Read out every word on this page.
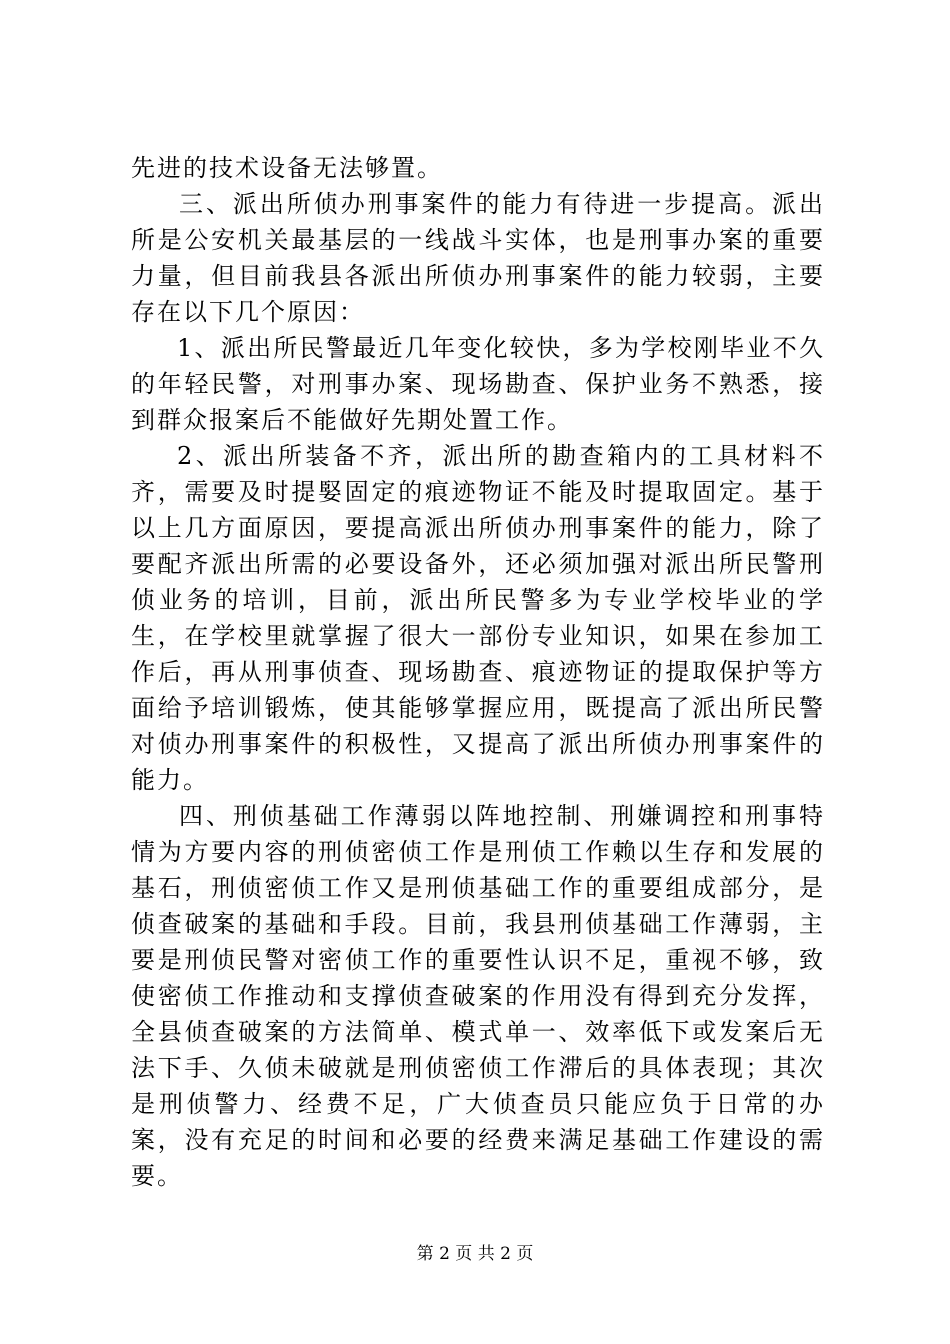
先进的技术设备无法够置。

三、派出所侦办刑事案件的能力有待进一步提高。派出所是公安机关最基层的一线战斗实体，也是刑事办案的重要力量，但目前我县各派出所侦办刑事案件的能力较弱，主要存在以下几个原因：

1、派出所民警最近几年变化较快，多为学校刚毕业不久的年轻民警，对刑事办案、现场勘查、保护业务不熟悉，接到群众报案后不能做好先期处置工作。

2、派出所装备不齐，派出所的勘查箱内的工具材料不齐，需要及时提婜固定的痕迹物证不能及时提取固定。基于以上几方面原因，要提高派出所侦办刑事案件的能力，除了要配齐派出所需的必要设备外，还必须加强对派出所民警刑侦业务的培训，目前，派出所民警多为专业学校毕业的学生，在学校里就掌握了很大一部份专业知识，如果在参加工作后，再从刑事侦查、现场勘查、痕迹物证的提取保护等方面给予培训锻炼，使其能够掌握应用，既提高了派出所民警对侦办刑事案件的积极性，又提高了派出所侦办刑事案件的能力。

四、刑侦基础工作薄弱以阵地控制、刑嫌调控和刑事特情为方要内容的刑侦密侦工作是刑侦工作赖以生存和发展的基石，刑侦密侦工作又是刑侦基础工作的重要组成部分，是侦查破案的基础和手段。目前，我县刑侦基础工作薄弱，主要是刑侦民警对密侦工作的重要性认识不足，重视不够，致使密侦工作推动和支撑侦查破案的作用没有得到充分发挥，全县侦查破案的方法简单、模式单一、效率低下或发案后无法下手、久侦未破就是刑侦密侦工作滞后的具体表现；其次是刑侦警力、经费不足，广大侦查员只能应负于日常的办案，没有充足的时间和必要的经费来满足基础工作建设的需要。

第 2 页 共 2 页
